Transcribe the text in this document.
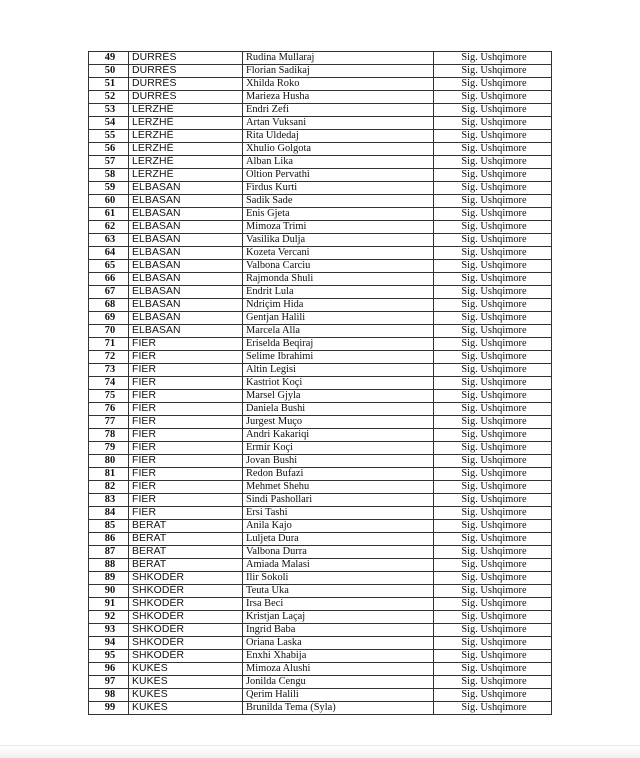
49	DURRËS	Rudina Mullaraj	Sig. Ushqimore
50	DURRËS	Florian Sadikaj	Sig. Ushqimore
51	DURRËS	Xhilda Roko	Sig. Ushqimore
52	DURRËS	Marieza Husha	Sig. Ushqimore
53	LERZHË	Endri Zefi	Sig. Ushqimore
54	LERZHË	Artan Vuksani	Sig. Ushqimore
55	LERZHË	Rita Uldedaj	Sig. Ushqimore
56	LERZHË	Xhulio Golgota	Sig. Ushqimore
57	LERZHË	Alban Lika	Sig. Ushqimore
58	LERZHË	Oltion Pervathi	Sig. Ushqimore
59	ELBASAN	Firdus Kurti	Sig. Ushqimore
60	ELBASAN	Sadik Sade	Sig. Ushqimore
61	ELBASAN	Enis Gjeta	Sig. Ushqimore
62	ELBASAN	Mimoza Trimi	Sig. Ushqimore
63	ELBASAN	Vasilika Dulja	Sig. Ushqimore
64	ELBASAN	Kozeta Vercani	Sig. Ushqimore
65	ELBASAN	Valbona Carciu	Sig. Ushqimore
66	ELBASAN	Rajmonda Shuli	Sig. Ushqimore
67	ELBASAN	Endrit Lula	Sig. Ushqimore
68	ELBASAN	Ndriçim Hida	Sig. Ushqimore
69	ELBASAN	Gentjan Halili	Sig. Ushqimore
70	ELBASAN	Marcela Alla	Sig. Ushqimore
71	FIER	Eriselda Beqiraj	Sig. Ushqimore
72	FIER	Selime Ibrahimi	Sig. Ushqimore
73	FIER	Altin Legisi	Sig. Ushqimore
74	FIER	Kastriot Koçi	Sig. Ushqimore
75	FIER	Marsel Gjyla	Sig. Ushqimore
76	FIER	Daniela Bushi	Sig. Ushqimore
77	FIER	Jurgest Muço	Sig. Ushqimore
78	FIER	Andri Kakariqi	Sig. Ushqimore
79	FIER	Ermir Koçi	Sig. Ushqimore
80	FIER	Jovan Bushi	Sig. Ushqimore
81	FIER	Redon Bufazi	Sig. Ushqimore
82	FIER	Mehmet Shehu	Sig. Ushqimore
83	FIER	Sindi Pashollari	Sig. Ushqimore
84	FIER	Ersi Tashi	Sig. Ushqimore
85	BERAT	Anila Kajo	Sig. Ushqimore
86	BERAT	Luljeta Dura	Sig. Ushqimore
87	BERAT	Valbona Durra	Sig. Ushqimore
88	BERAT	Amiada Malasi	Sig. Ushqimore
89	SHKODËR	Ilir Sokoli	Sig. Ushqimore
90	SHKODËR	Teuta Uka	Sig. Ushqimore
91	SHKODËR	Irsa Beci	Sig. Ushqimore
92	SHKODËR	Kristjan Laçaj	Sig. Ushqimore
93	SHKODËR	Ingrid Baba	Sig. Ushqimore
94	SHKODËR	Oriana Laska	Sig. Ushqimore
95	SHKODËR	Enxhi Xhabija	Sig. Ushqimore
96	KUKËS	Mimoza Alushi	Sig. Ushqimore
97	KUKËS	Jonilda Cengu	Sig. Ushqimore
98	KUKËS	Qerim Halili	Sig. Ushqimore
99	KUKËS	Brunilda Tema (Syla)	Sig. Ushqimore
